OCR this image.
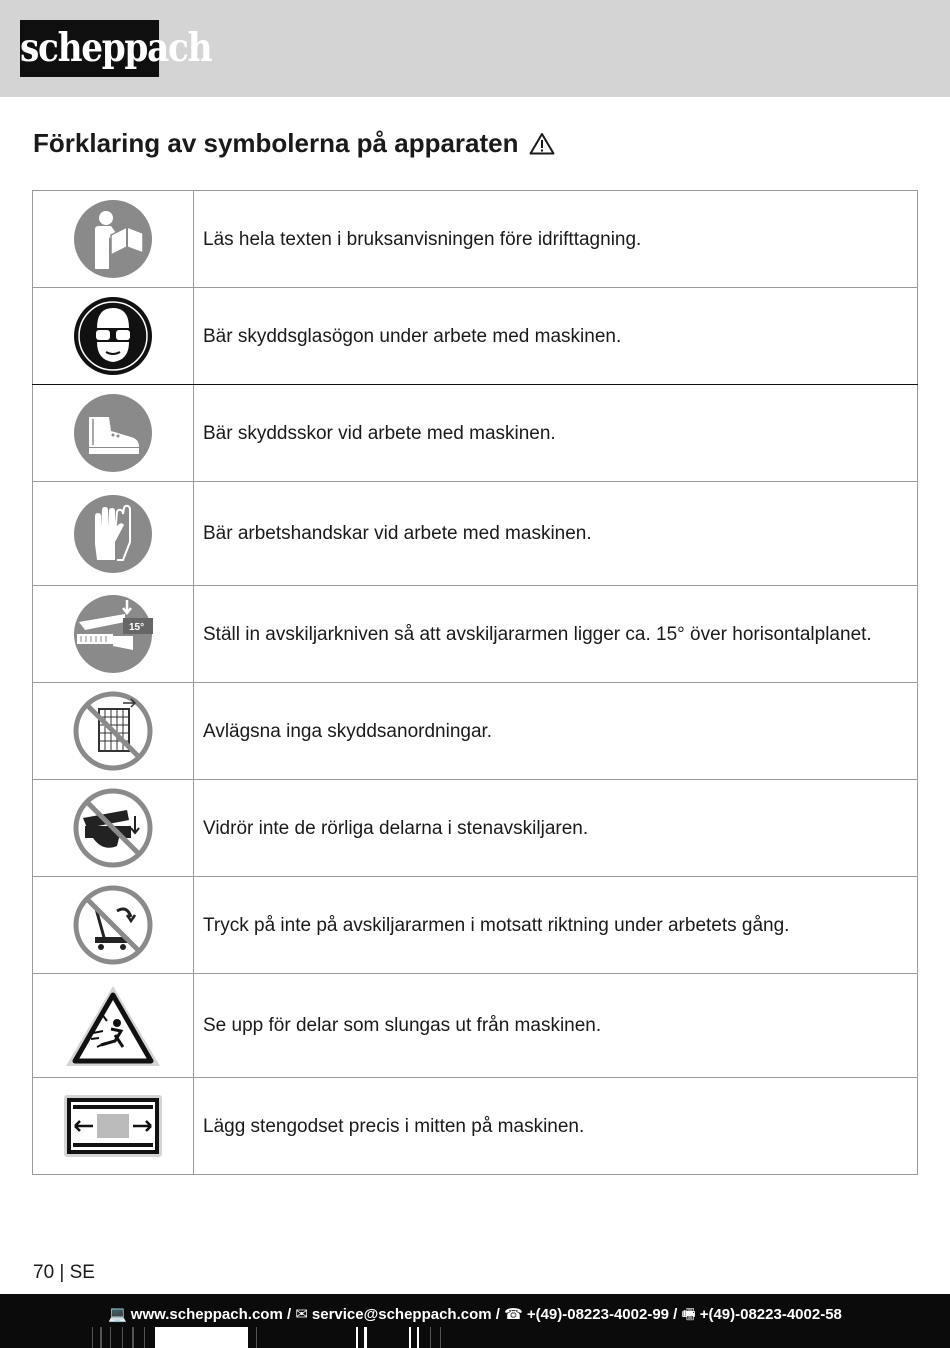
scheppach
Förklaring av symbolerna på apparaten
	Läs hela texten i bruksanvisningen före idrifttagning.

	Bär skyddsglasögon under arbete med maskinen.

	Bär skyddsskor vid arbete med maskinen.

	Bär arbetshandskar vid arbete med maskinen.

15°	Ställ in avskiljarkniven så att avskiljararmen ligger ca. 15° över horisontalplanet.

	Avlägsna inga skyddsanordningar.

	Vidrör inte de rörliga delarna i stenavskiljaren.

	Tryck på inte på avskiljararmen i motsatt riktning under arbetets gång.

	Se upp för delar som slungas ut från maskinen.

	Lägg stengodset precis i mitten på maskinen.
70 | SE
💻 www.scheppach.com / ✉ service@scheppach.com / ☎ +(49)-08223-4002-99 / 🖷 +(49)-08223-4002-58
